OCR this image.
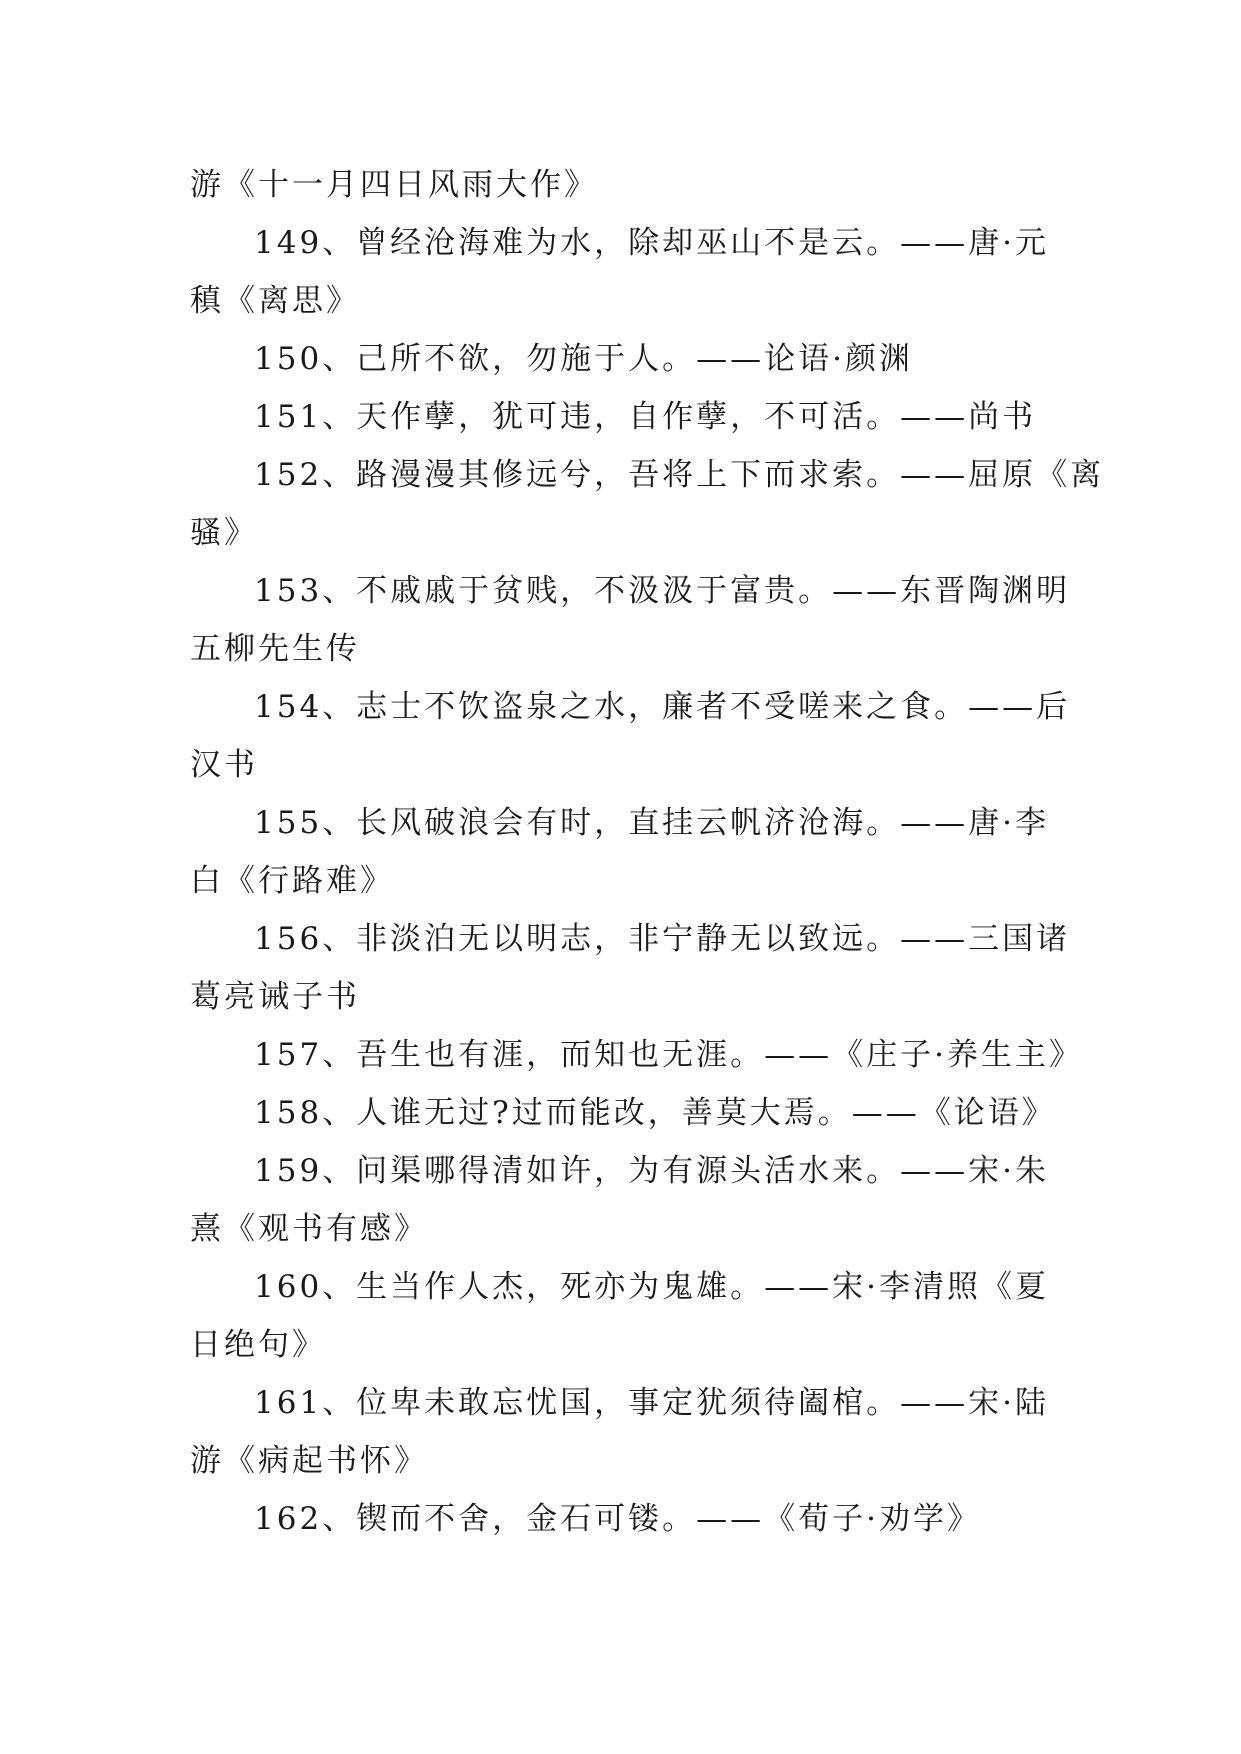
游《十一月四日风雨大作》
149、曾经沧海难为水，除却巫山不是云。——唐·元
稹《离思》
150、己所不欲，勿施于人。——论语·颜渊
151、天作孽，犹可违，自作孽，不可活。——尚书
152、路漫漫其修远兮，吾将上下而求索。——屈原《离
骚》
153、不戚戚于贫贱，不汲汲于富贵。——东晋陶渊明
五柳先生传
154、志士不饮盗泉之水，廉者不受嗟来之食。——后
汉书
155、长风破浪会有时，直挂云帆济沧海。——唐·李
白《行路难》
156、非淡泊无以明志，非宁静无以致远。——三国诸
葛亮诫子书
157、吾生也有涯，而知也无涯。——《庄子·养生主》
158、人谁无过?过而能改，善莫大焉。——《论语》
159、问渠哪得清如许，为有源头活水来。——宋·朱
熹《观书有感》
160、生当作人杰，死亦为鬼雄。——宋·李清照《夏
日绝句》
161、位卑未敢忘忧国，事定犹须待阖棺。——宋·陆
游《病起书怀》
162、锲而不舍，金石可镂。——《荀子·劝学》
